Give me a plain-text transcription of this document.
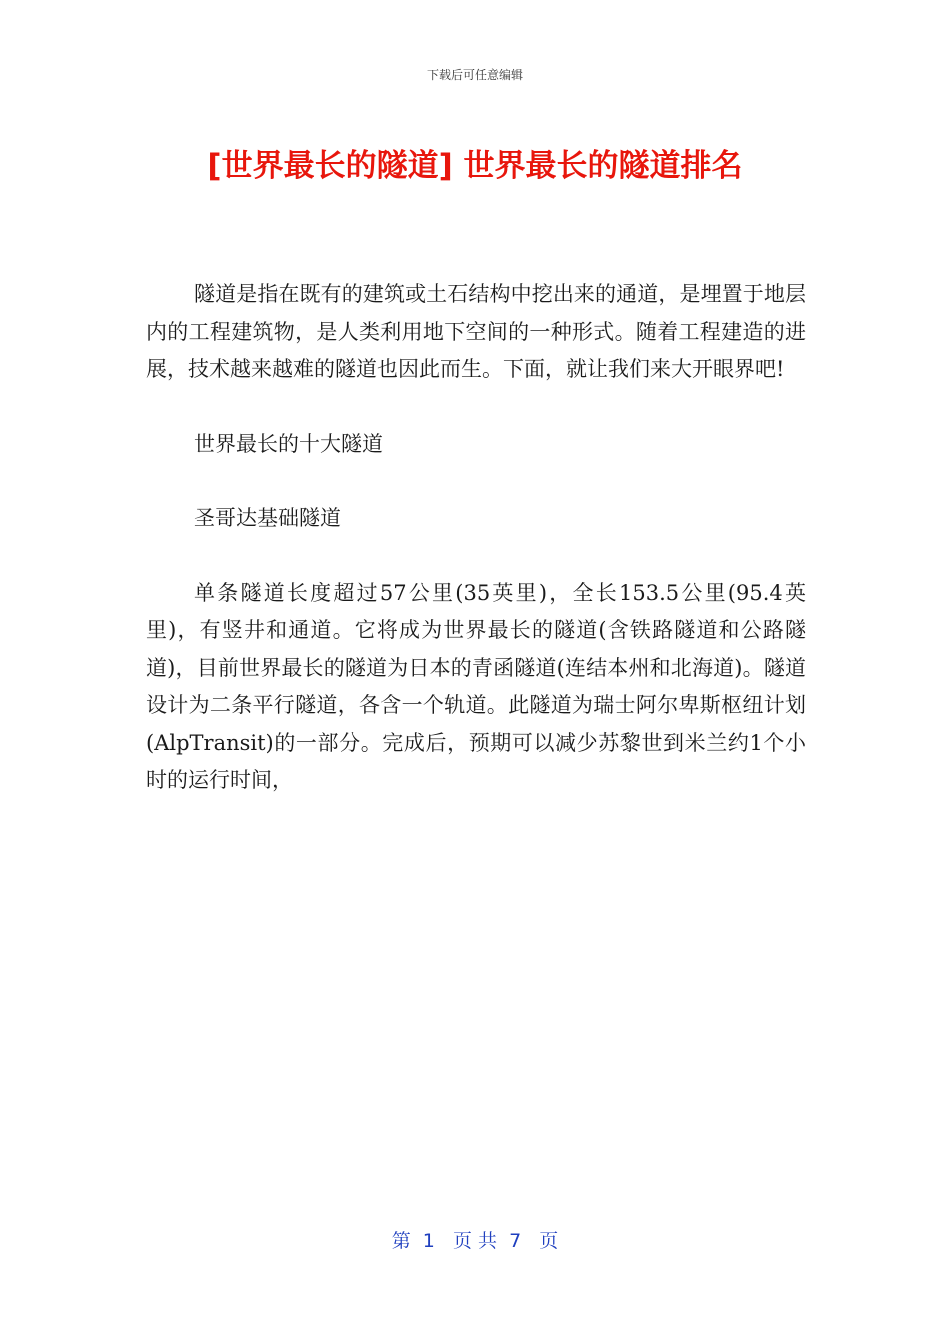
下载后可任意编辑
[世界最长的隧道] 世界最长的隧道排名

隧道是指在既有的建筑或土石结构中挖出来的通道，是埋置于地层内的工程建筑物，是人类利用地下空间的一种形式。随着工程建造的进展，技术越来越难的隧道也因此而生。下面，就让我们来大开眼界吧!

世界最长的十大隧道

圣哥达基础隧道

单条隧道长度超过57公里(35英里)，全长153.5公里(95.4英里)，有竖井和通道。它将成为世界最长的隧道(含铁路隧道和公路隧道)，目前世界最长的隧道为日本的青函隧道(连结本州和北海道)。隧道设计为二条平行隧道，各含一个轨道。此隧道为瑞士阿尔卑斯枢纽计划(AlpTransit)的一部分。完成后，预期可以减少苏黎世到米兰约1个小时的运行时间，

第  1   页 共  7   页
